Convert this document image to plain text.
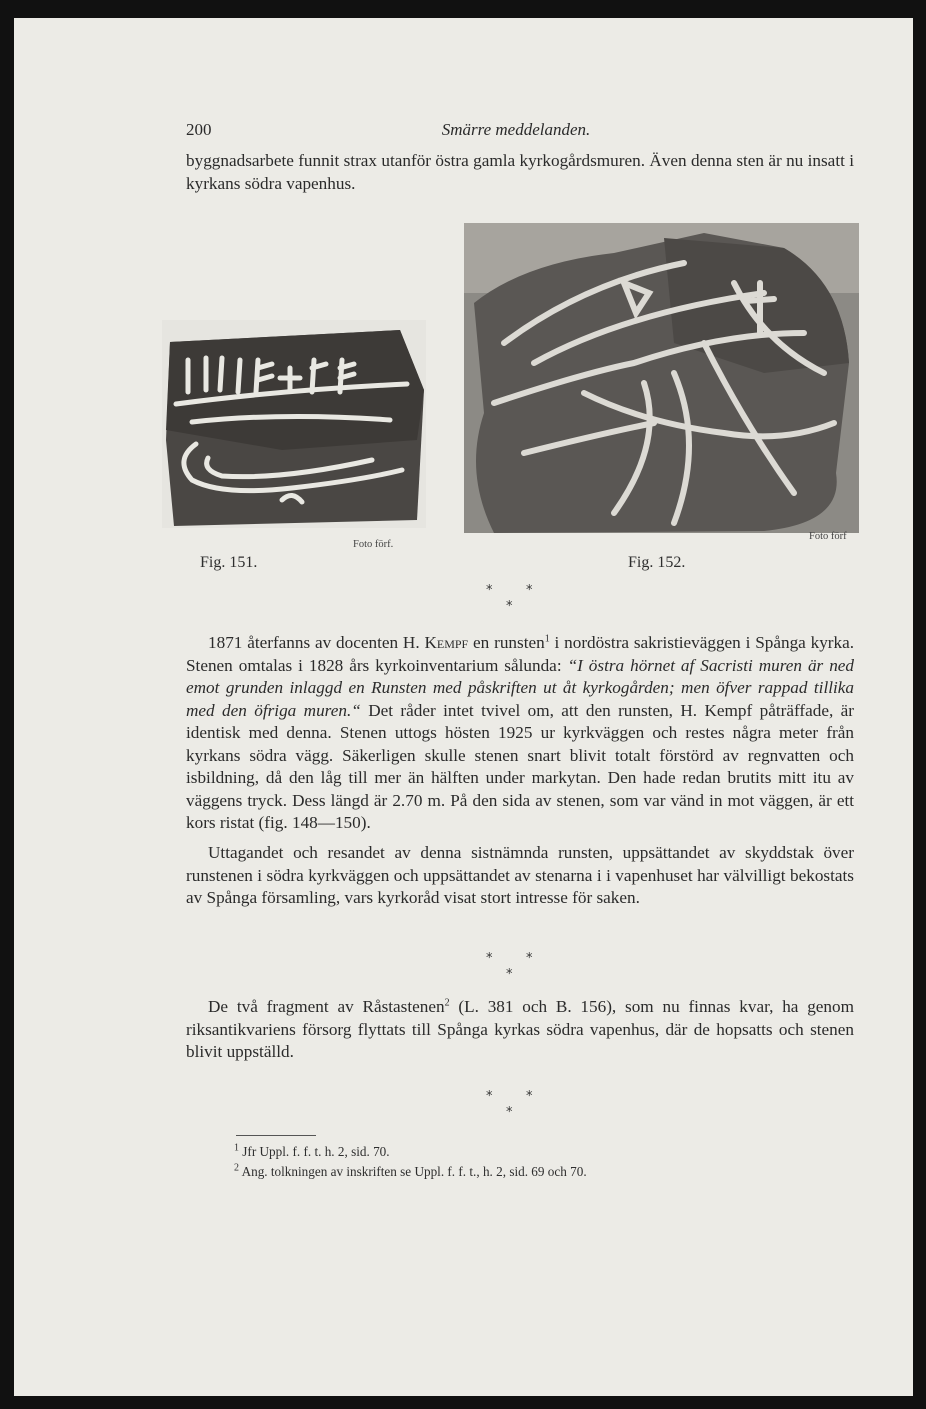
200	Smärre meddelanden.

byggnadsarbete funnit strax utanför östra gamla kyrkogårdsmuren. Även denna sten är nu insatt i kyrkans södra vapenhus.

Fig. 151.
Foto förf.
Fig. 152.
Foto förf
*	*
*

1871 återfanns av docenten H. Kempf en runsten$^1$ i nordöstra sakristieväggen i Spånga kyrka. Stenen omtalas i 1828 års kyrkoinventarium sålunda: “I östra hörnet af Sacristi muren är ned emot grunden inlaggd en Runsten med påskriften ut åt kyrkogården; men öfver rappad tillika med den öfriga muren.“ Det råder intet tvivel om, att den runsten, H. Kempf påträffade, är identisk med denna. Stenen uttogs hösten 1925 ur kyrkväggen och restes några meter från kyrkans södra vägg. Säkerligen skulle stenen snart blivit totalt förstörd av regnvatten och isbildning, då den låg till mer än hälften under markytan. Den hade redan brutits mitt itu av väggens tryck. Dess längd är 2.70 m. På den sida av stenen, som var vänd in mot väggen, är ett kors ristat (fig. 148—150).

Uttagandet och resandet av denna sistnämnda runsten, uppsättandet av skyddstak över runstenen i södra kyrkväggen och uppsättandet av stenarna i i vapenhuset har välvilligt bekostats av Spånga församling, vars kyrkoråd visat stort intresse för saken.

*	*
*

De två fragment av Råstastenen$^2$ (L. 381 och B. 156), som nu finnas kvar, ha genom riksantikvariens försorg flyttats till Spånga kyrkas södra vapenhus, där de hopsatts och stenen blivit uppställd.

*	*
*
$^1$ Jfr Uppl. f. f. t. h. 2, sid. 70.
$^2$ Ang. tolkningen av inskriften se Uppl. f. f. t., h. 2, sid. 69 och 70.
